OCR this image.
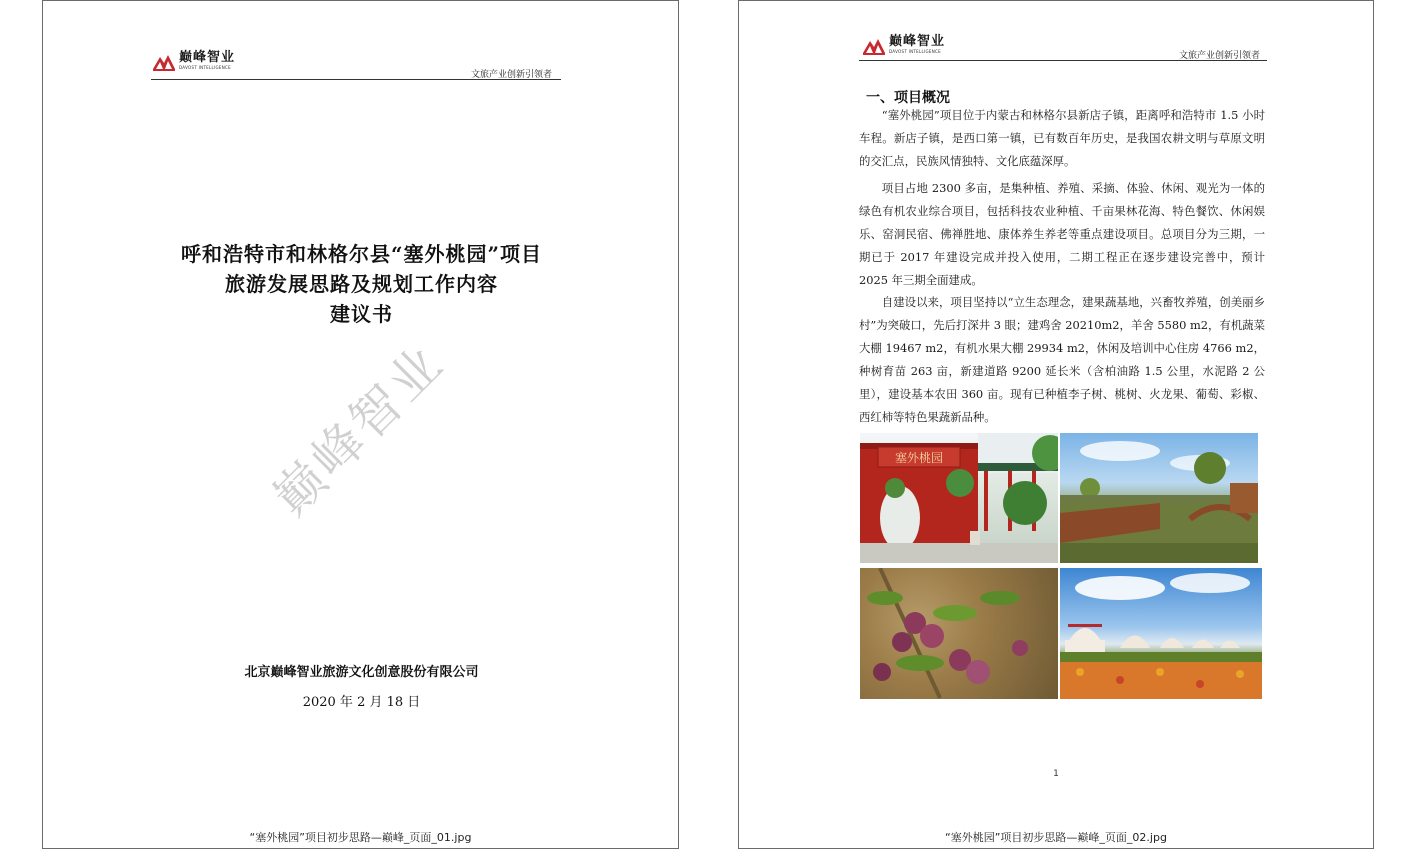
巅峰智业
DAVOST INTELLIGENCE
文旅产业创新引领者
呼和浩特市和林格尔县“塞外桃园”项目
旅游发展思路及规划工作内容
建议书
巅峰智业
北京巅峰智业旅游文化创意股份有限公司
2020 年 2 月 18 日
“塞外桃园”项目初步思路—巅峰_页面_01.jpg
巅峰智业
DAVOST INTELLIGENCE	文旅产业创新引领者
一、项目概况
“塞外桃园”项目位于内蒙古和林格尔县新店子镇，距离呼和浩特市 1.5 小时车程。新店子镇，是西口第一镇，已有数百年历史，是我国农耕文明与草原文明的交汇点，民族风情独特、文化底蕴深厚。
项目占地 2300 多亩，是集种植、养殖、采摘、体验、休闲、观光为一体的绿色有机农业综合项目，包括科技农业种植、千亩果林花海、特色餐饮、休闲娱乐、窑洞民宿、佛禅胜地、康体养生养老等重点建设项目。总项目分为三期，一期已于 2017 年建设完成并投入使用，二期工程正在逐步建设完善中，预计 2025 年三期全面建成。
自建设以来，项目坚持以“立生态理念，建果蔬基地，兴畜牧养殖，创美丽乡村”为突破口，先后打深井 3 眼；建鸡舍 20210m2，羊舍 5580 m2，有机蔬菜大棚 19467 m2，有机水果大棚 29934 m2，休闲及培训中心住房 4766 m2，种树育苗 263 亩，新建道路 9200 延长米（含柏油路 1.5 公里，水泥路 2 公里），建设基本农田 360 亩。现有已种植李子树、桃树、火龙果、葡萄、彩椒、西红柿等特色果蔬新品种。
塞外桃园
1
“塞外桃园”项目初步思路—巅峰_页面_02.jpg
